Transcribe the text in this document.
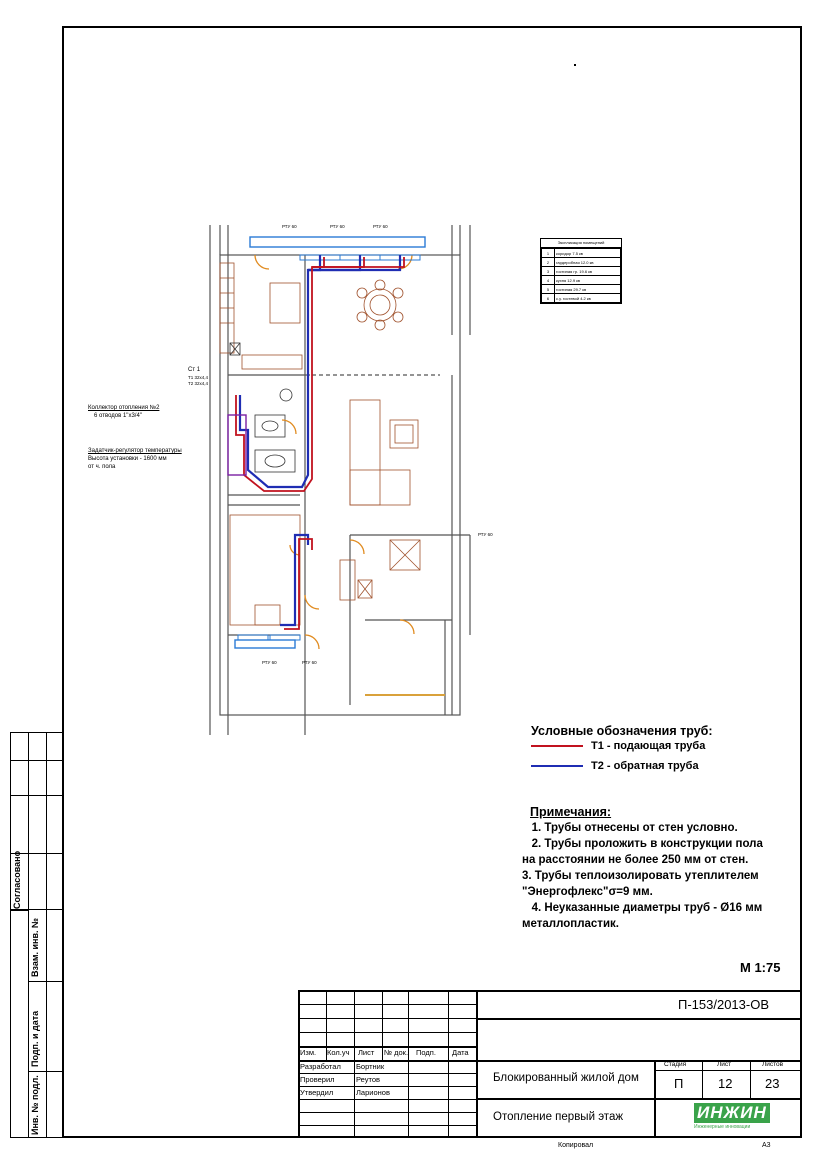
Согласовано
Взам. инв. №
Подп. и дата
Инв. № подл.
РТУ 60	РТУ 60	РТУ 60
РТУ 60
РТУ 60	РТУ 60
Ст 1
Т1 32х4,4
Т2 32х4,4
Коллектор отопления №2
6 отводов 1"х3/4"
Задатчик-регулятор температуры
Высота установки - 1600 мм
от ч. пола
Экспликация помещений
1	коридор 7.5 кв
2	гардеробная 12.0 кв
3	гостиная гр. 19.6 кв
4	кухня 12.9 кв
5	гостиная 29.7 кв
6	с.у. гостевой 4.2 кв
Условные обозначения труб:
Т1 - подающая труба
Т2 - обратная труба
Примечания:
1. Трубы отнесены от стен условно.
2. Трубы проложить в конструкции пола
на расстоянии не более 250 мм от стен.
3. Трубы теплоизолировать утеплителем
"Энергофлекс"σ=9 мм.
4. Неуказанные диаметры труб - Ø16 мм
металлопластик.
М 1:75
Изм. Кол.уч Лист № док. Подп. Дата
Разработал Бортник
Проверил	Реутов
Утвердил	Ларионов
П-153/2013-ОВ
Блокированный жилой дом
Отопление первый этаж
Стадия	Лист	Листов
П	12	23
ИНЖИН
Инженерные инновации
Копировал	А3
